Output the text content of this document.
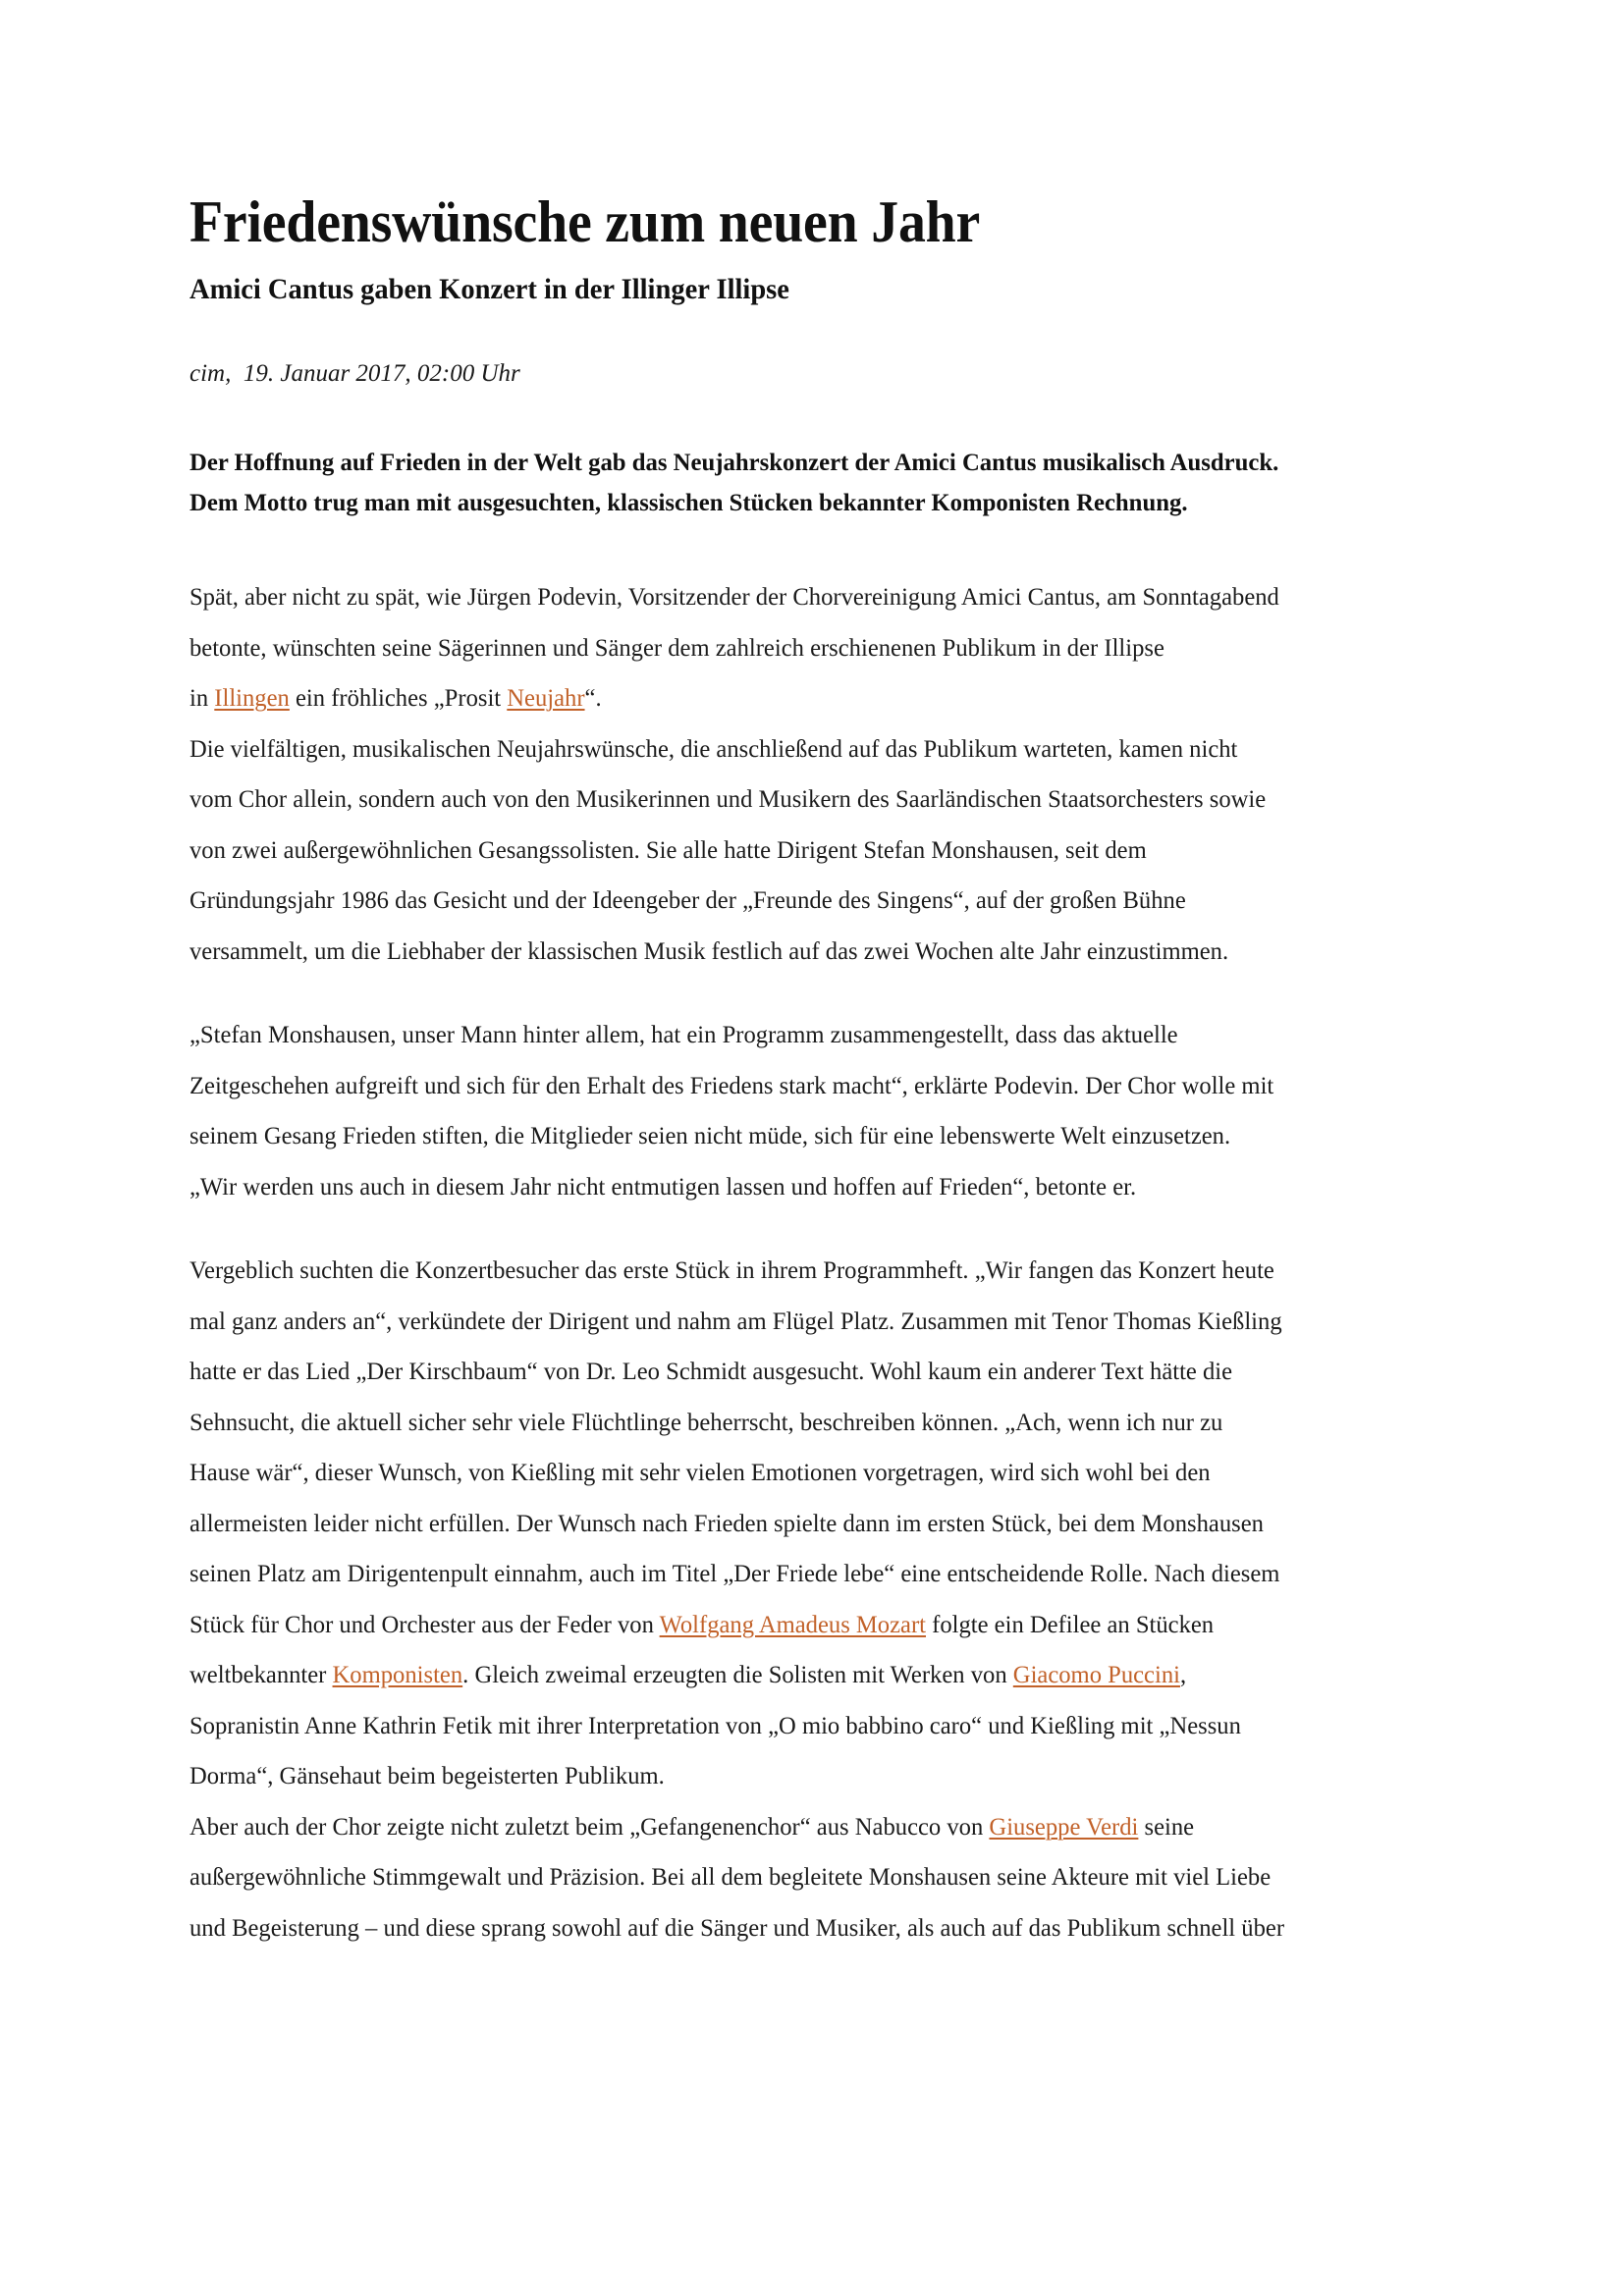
Friedenswünsche zum neuen Jahr
Amici Cantus gaben Konzert in der Illinger Illipse
cim,  19. Januar 2017, 02:00 Uhr
Der Hoffnung auf Frieden in der Welt gab das Neujahrskonzert der Amici Cantus musikalisch Ausdruck.
Dem Motto trug man mit ausgesuchten, klassischen Stücken bekannter Komponisten Rechnung.

Spät, aber nicht zu spät, wie Jürgen Podevin, Vorsitzender der Chorvereinigung Amici Cantus, am Sonntagabend
betonte, wünschten seine Sägerinnen und Sänger dem zahlreich erschienenen Publikum in der Illipse
in Illingen ein fröhliches „Prosit Neujahr“.

Die vielfältigen, musikalischen Neujahrswünsche, die anschließend auf das Publikum warteten, kamen nicht
vom Chor allein, sondern auch von den Musikerinnen und Musikern des Saarländischen Staatsorchesters sowie
von zwei außergewöhnlichen Gesangssolisten. Sie alle hatte Dirigent Stefan Monshausen, seit dem
Gründungsjahr 1986 das Gesicht und der Ideengeber der „Freunde des Singens“, auf der großen Bühne
versammelt, um die Liebhaber der klassischen Musik festlich auf das zwei Wochen alte Jahr einzustimmen.

„Stefan Monshausen, unser Mann hinter allem, hat ein Programm zusammengestellt, dass das aktuelle
Zeitgeschehen aufgreift und sich für den Erhalt des Friedens stark macht“, erklärte Podevin. Der Chor wolle mit
seinem Gesang Frieden stiften, die Mitglieder seien nicht müde, sich für eine lebenswerte Welt einzusetzen.
„Wir werden uns auch in diesem Jahr nicht entmutigen lassen und hoffen auf Frieden“, betonte er.

Vergeblich suchten die Konzertbesucher das erste Stück in ihrem Programmheft. „Wir fangen das Konzert heute
mal ganz anders an“, verkündete der Dirigent und nahm am Flügel Platz. Zusammen mit Tenor Thomas Kießling
hatte er das Lied „Der Kirschbaum“ von Dr. Leo Schmidt ausgesucht. Wohl kaum ein anderer Text hätte die
Sehnsucht, die aktuell sicher sehr viele Flüchtlinge beherrscht, beschreiben können. „Ach, wenn ich nur zu
Hause wär“, dieser Wunsch, von Kießling mit sehr vielen Emotionen vorgetragen, wird sich wohl bei den
allermeisten leider nicht erfüllen. Der Wunsch nach Frieden spielte dann im ersten Stück, bei dem Monshausen
seinen Platz am Dirigentenpult einnahm, auch im Titel „Der Friede lebe“ eine entscheidende Rolle. Nach diesem
Stück für Chor und Orchester aus der Feder von Wolfgang Amadeus Mozart folgte ein Defilee an Stücken
weltbekannter Komponisten. Gleich zweimal erzeugten die Solisten mit Werken von Giacomo Puccini,
Sopranistin Anne Kathrin Fetik mit ihrer Interpretation von „O mio babbino caro“ und Kießling mit „Nessun
Dorma“, Gänsehaut beim begeisterten Publikum.

Aber auch der Chor zeigte nicht zuletzt beim „Gefangenenchor“ aus Nabucco von Giuseppe Verdi seine
außergewöhnliche Stimmgewalt und Präzision. Bei all dem begleitete Monshausen seine Akteure mit viel Liebe
und Begeisterung – und diese sprang sowohl auf die Sänger und Musiker, als auch auf das Publikum schnell über
